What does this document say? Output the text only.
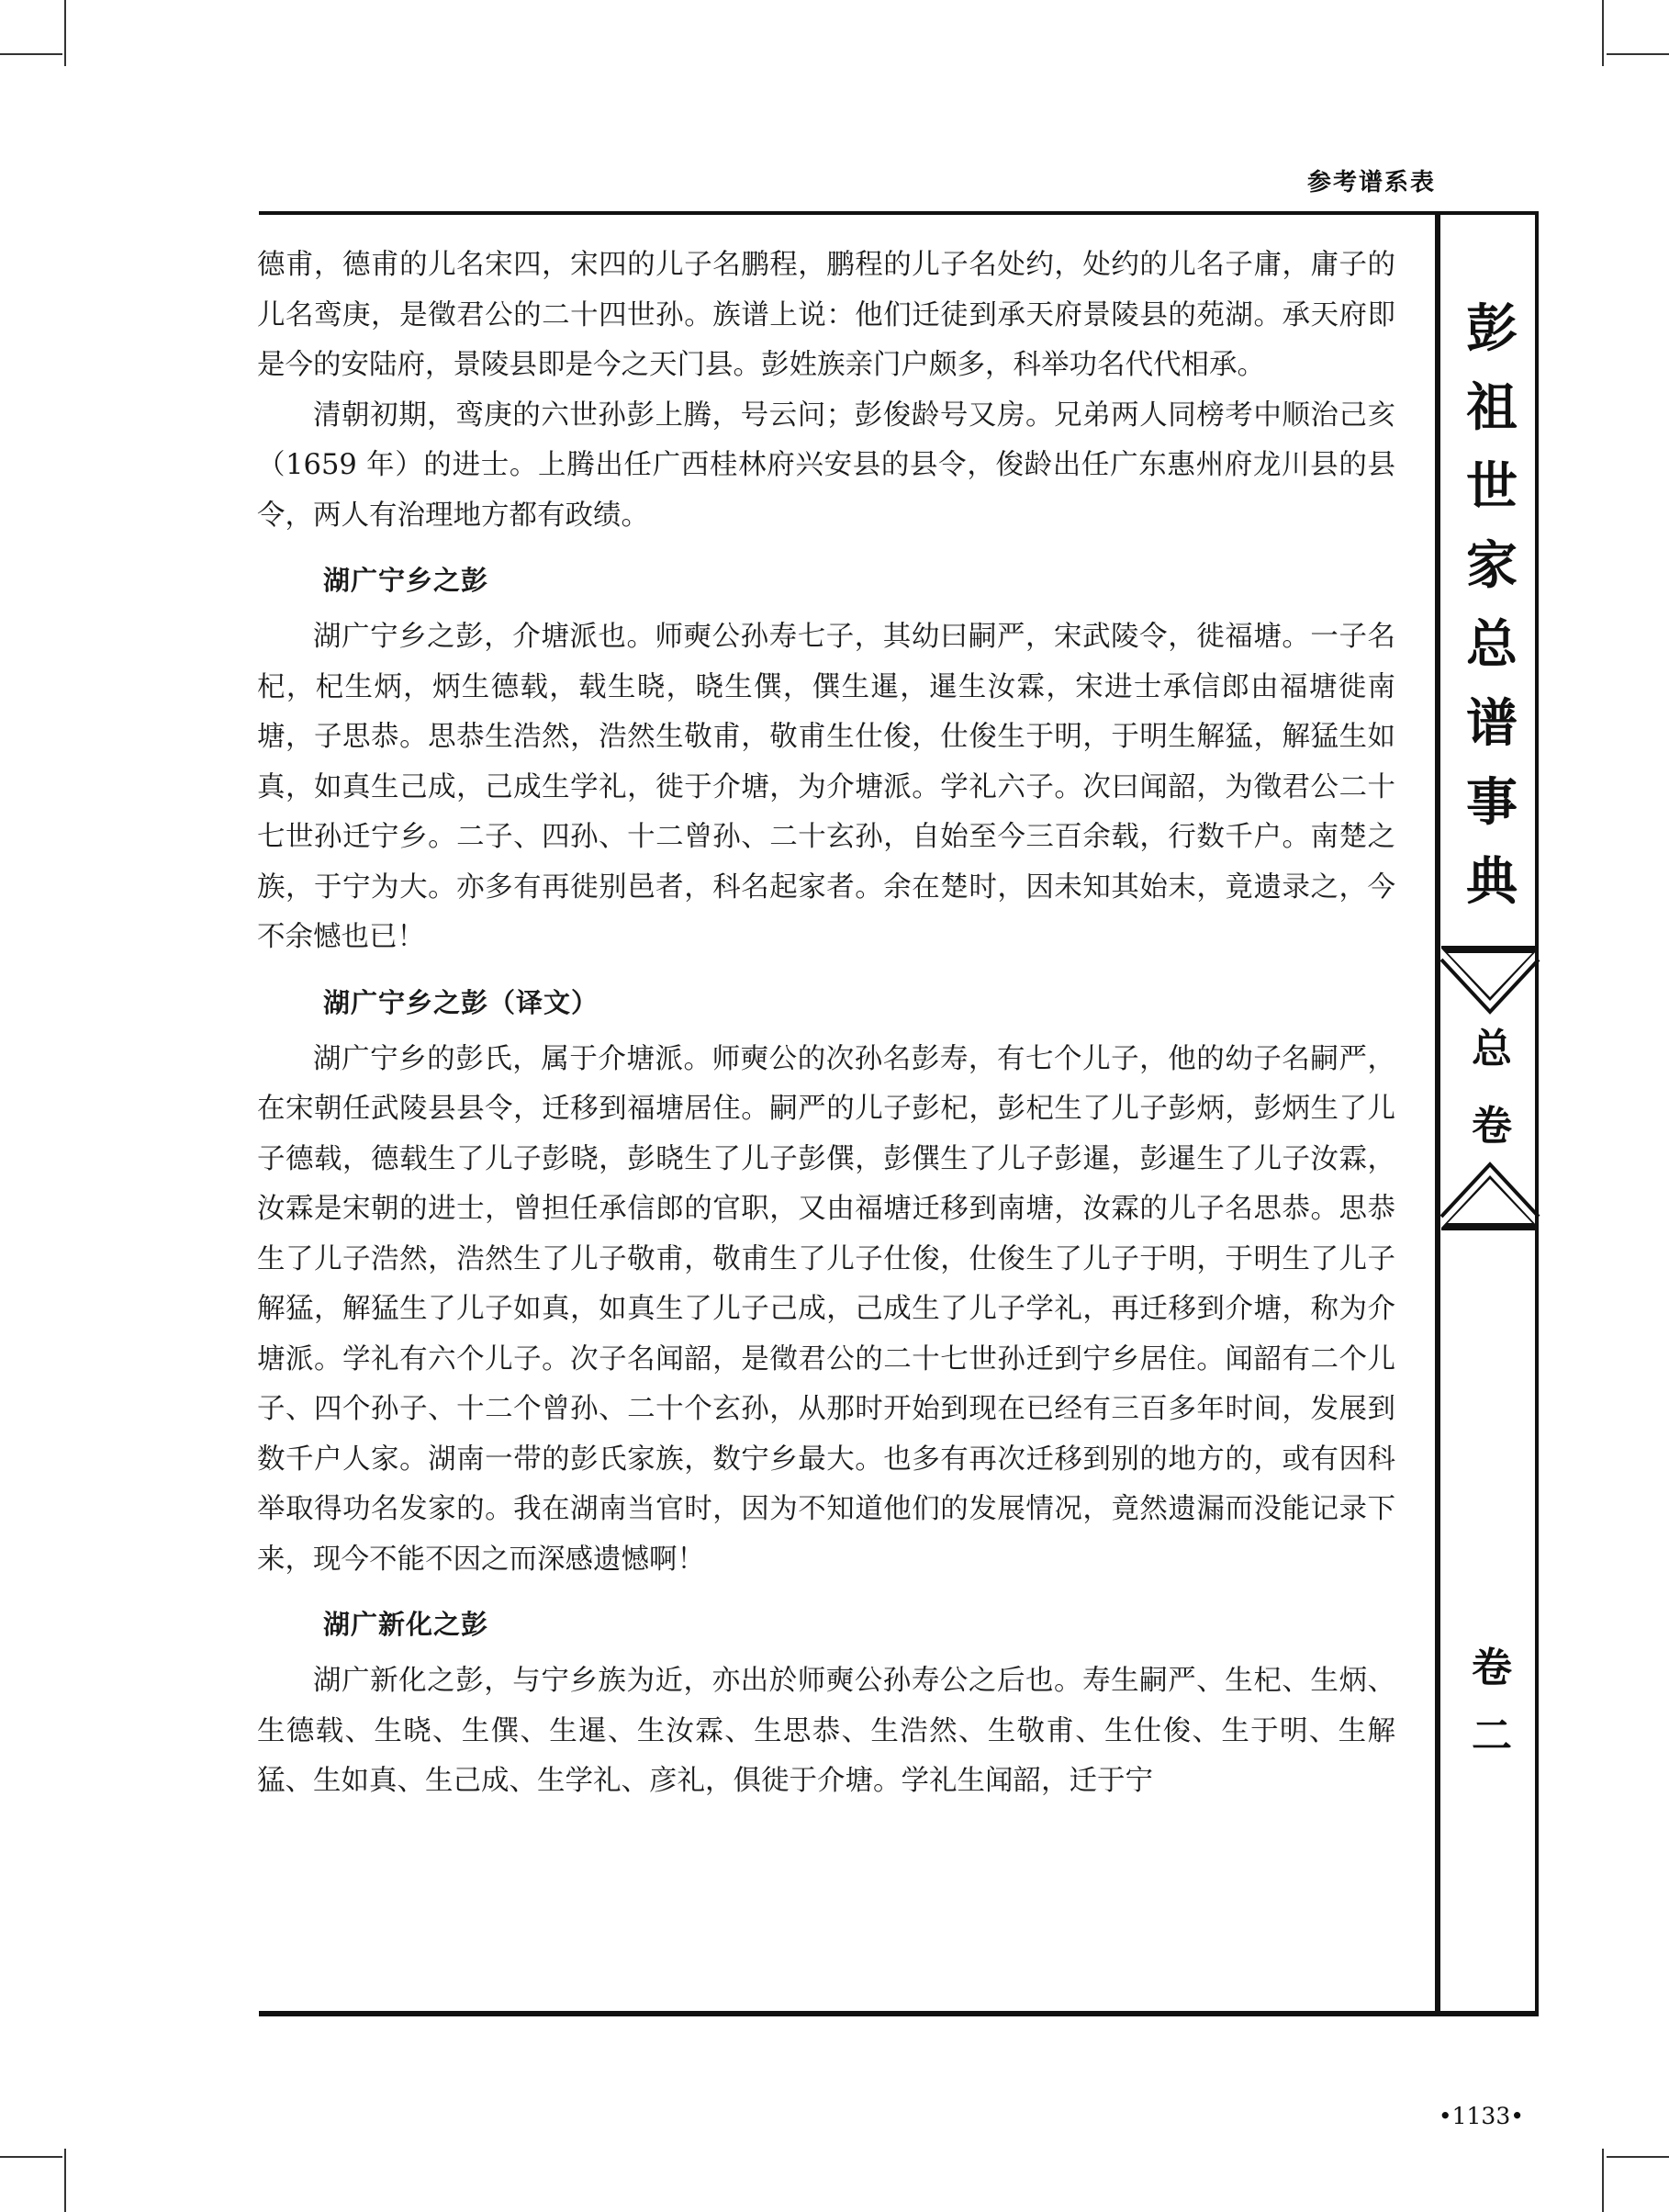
参考谱系表
彭
祖
世
家
总
谱
事
典
总
卷
卷
二

德甫，德甫的儿名宋四，宋四的儿子名鹏程，鹏程的儿子名处约，处约的儿名子庸，庸子的儿名鸾庚，是徵君公的二十四世孙。族谱上说：他们迁徒到承天府景陵县的苑湖。承天府即是今的安陆府，景陵县即是今之天门县。彭姓族亲门户颇多，科举功名代代相承。

清朝初期，鸾庚的六世孙彭上腾，号云问；彭俊龄号又房。兄弟两人同榜考中顺治己亥（1659 年）的进士。上腾出任广西桂林府兴安县的县令，俊龄出任广东惠州府龙川县的县令，两人有治理地方都有政绩。

湖广宁乡之彭

湖广宁乡之彭，介塘派也。师奭公孙寿七子，其幼曰嗣严，宋武陵令，徙福塘。一子名杞，杞生炳，炳生德载，载生晓，晓生僎，僎生暹，暹生汝霖，宋进士承信郎由福塘徙南塘，子思恭。思恭生浩然，浩然生敬甫，敬甫生仕俊，仕俊生于明，于明生解猛，解猛生如真，如真生己成，己成生学礼，徙于介塘，为介塘派。学礼六子。次曰闻韶，为徵君公二十七世孙迁宁乡。二子、四孙、十二曾孙、二十玄孙，自始至今三百余载，行数千户。南楚之族，于宁为大。亦多有再徙别邑者，科名起家者。余在楚时，因未知其始末，竟遗录之，今不余憾也已！

湖广宁乡之彭（译文）

湖广宁乡的彭氏，属于介塘派。师奭公的次孙名彭寿，有七个儿子，他的幼子名嗣严，在宋朝任武陵县县令，迁移到福塘居住。嗣严的儿子彭杞，彭杞生了儿子彭炳，彭炳生了儿子德载，德载生了儿子彭晓，彭晓生了儿子彭僎，彭僎生了儿子彭暹，彭暹生了儿子汝霖，汝霖是宋朝的进士，曾担任承信郎的官职，又由福塘迁移到南塘，汝霖的儿子名思恭。思恭生了儿子浩然，浩然生了儿子敬甫，敬甫生了儿子仕俊，仕俊生了儿子于明，于明生了儿子解猛，解猛生了儿子如真，如真生了儿子己成，己成生了儿子学礼，再迁移到介塘，称为介塘派。学礼有六个儿子。次子名闻韶，是徵君公的二十七世孙迁到宁乡居住。闻韶有二个儿子、四个孙子、十二个曾孙、二十个玄孙，从那时开始到现在已经有三百多年时间，发展到数千户人家。湖南一带的彭氏家族，数宁乡最大。也多有再次迁移到别的地方的，或有因科举取得功名发家的。我在湖南当官时，因为不知道他们的发展情况，竟然遗漏而没能记录下来，现今不能不因之而深感遗憾啊！

湖广新化之彭

湖广新化之彭，与宁乡族为近，亦出於师奭公孙寿公之后也。寿生嗣严、生杞、生炳、生德载、生晓、生僎、生暹、生汝霖、生思恭、生浩然、生敬甫、生仕俊、生于明、生解猛、生如真、生己成、生学礼、彦礼，俱徙于介塘。学礼生闻韶，迁于宁

•1133•
